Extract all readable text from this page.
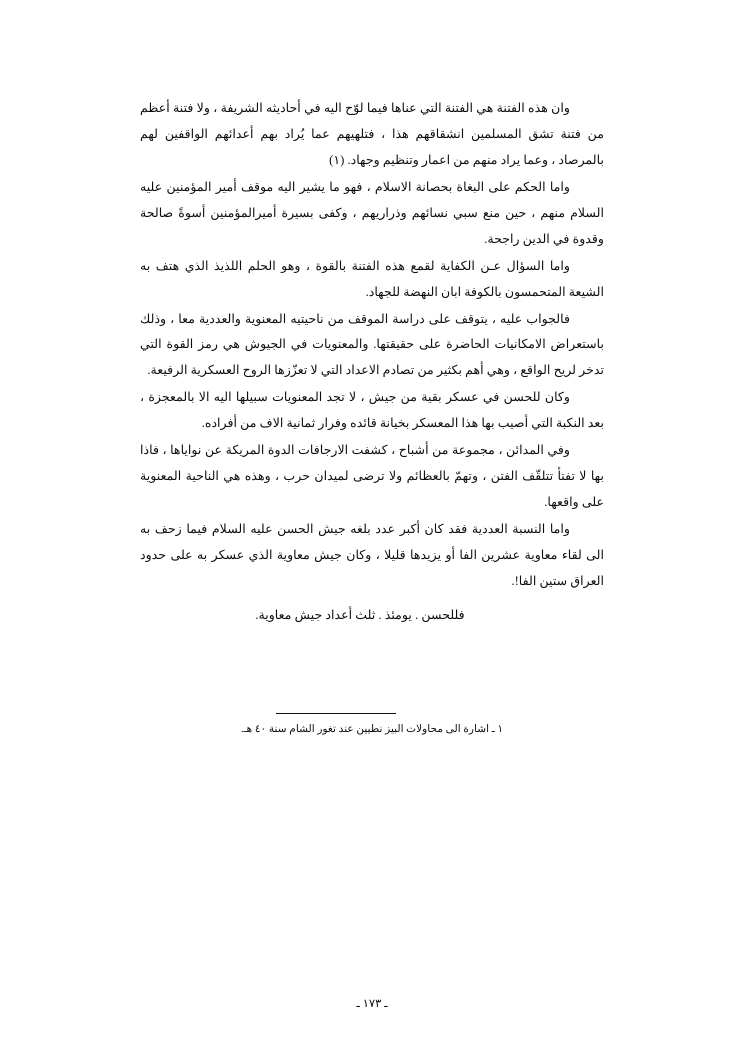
وان هذه الفتنة هي الفتنة التي عناها فيما لوّح اليه في أحاديثه الشريفة ، ولا فتنة أعظم من فتنة تشق المسلمين انشقاقهم هذا ، فتلهيهم عما يُراد بهم أعدائهم الواقفين لهم بالمرصاد ، وعما يراد منهم من اعمار وتنظيم وجهاد. (١)

واما الحكم على البغاة بحصانة الاسلام ، فهو ما يشير اليه موقف أمير المؤمنين عليه السلام منهم ، حين منع سبي نسائهم وذراريهم ، وكفى بسيرة أميرالمؤمنين أسوةً صالحة وقدوة في الدين راجحة.

واما السؤال عـن الكفاية لقمع هذه الفتنة بالقوة ، وهو الحلم اللذيذ الذي هتف به الشيعة المتحمسون بالكوفة ابان النهضة للجهاد.

فالجواب عليه ، يتوقف على دراسة الموقف من ناحيتيه المعنوية والعددية معا ، وذلك باستعراض الامكانيات الحاضرة على حقيقتها. والمعنويات في الجيوش هي رمز القوة التي تدخر لريح الواقع ، وهي أهم بكثير من تصادم الاعداد التي لا تعزّزها الروح العسكرية الرفيعة.

وكان للحسن في عسكر بقية من جيش ، لا تجد المعنويات سبيلها اليه الا بالمعجزة ، بعد النكبة التي أصيب بها هذا المعسكر بخيانة قائده وفرار ثمانية الاف من أفراده.

وفي المدائن ، مجموعة من أشباح ، كشفت الارجافات الدوة المريكة عن نواياها ، فاذا بها لا تفتأ تتلقّف الفتن ، وتهمّ بالعظائم ولا ترضى لميدان حرب ، وهذه هي الناحية المعنوية على واقعها.

واما النسبة العددية فقد كان أكبر عدد بلغه جيش الحسن عليه السلام فيما زحف به الى لقاء معاوية عشرين الفا أو يزيدها قليلا ، وكان جيش معاوية الذي عسكر به على حدود العراق ستين الفا!.

فللحسن . يومئذ . ثلث أعداد جيش معاوية.

١ ـ اشارة الى محاولات البيز نطيين عند تغور الشام سنة ٤٠ هـ.
ـ ١٧٣ ـ
